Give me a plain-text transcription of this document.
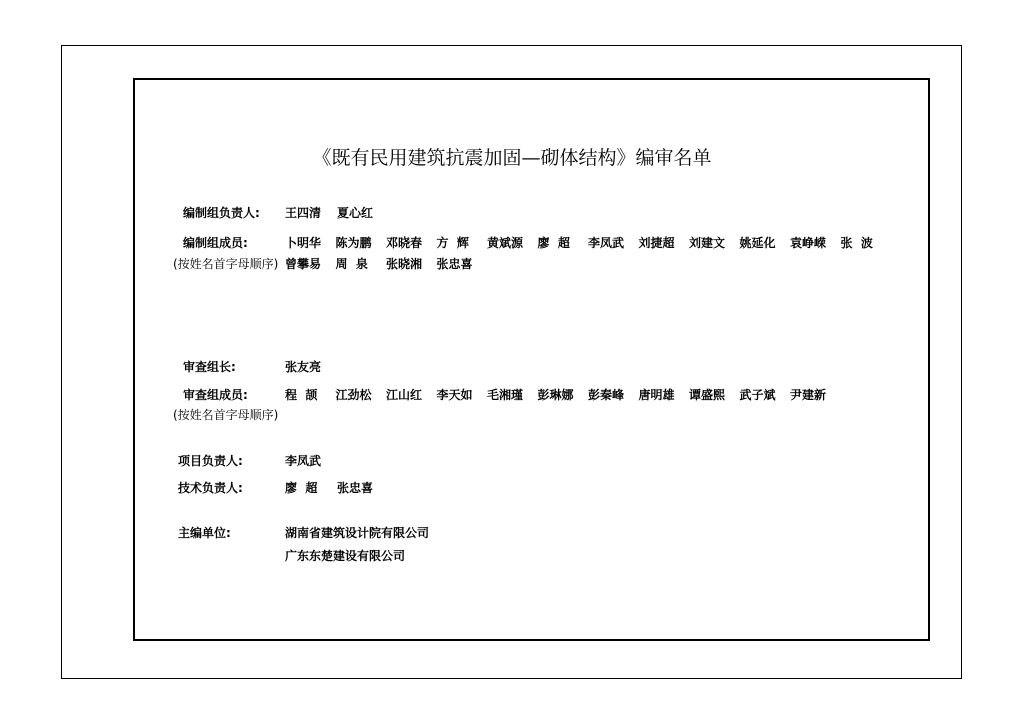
《既有民用建筑抗震加固—砌体结构》编审名单
编制组负责人: 王四清 夏心红
编制组成员:	卜明华 陈为鹏 邓晓春 方  辉 黄斌源 廖  超 李凤武 刘捷超 刘建文 姚延化 袁峥嵘 张  波
(按姓名首字母顺序) 曾攀易 周  泉 张晓湘 张忠喜
审查组长:	张友亮
审查组成员:	程  颉 江劲松 江山红 李天如 毛湘瑾 彭琳娜 彭秦峰 唐明雄 谭盛熙 武子斌 尹建新
(按姓名首字母顺序)
项目负责人:	李凤武
技术负责人:	廖  超 张忠喜
主编单位:	湖南省建筑设计院有限公司
广东东楚建设有限公司
